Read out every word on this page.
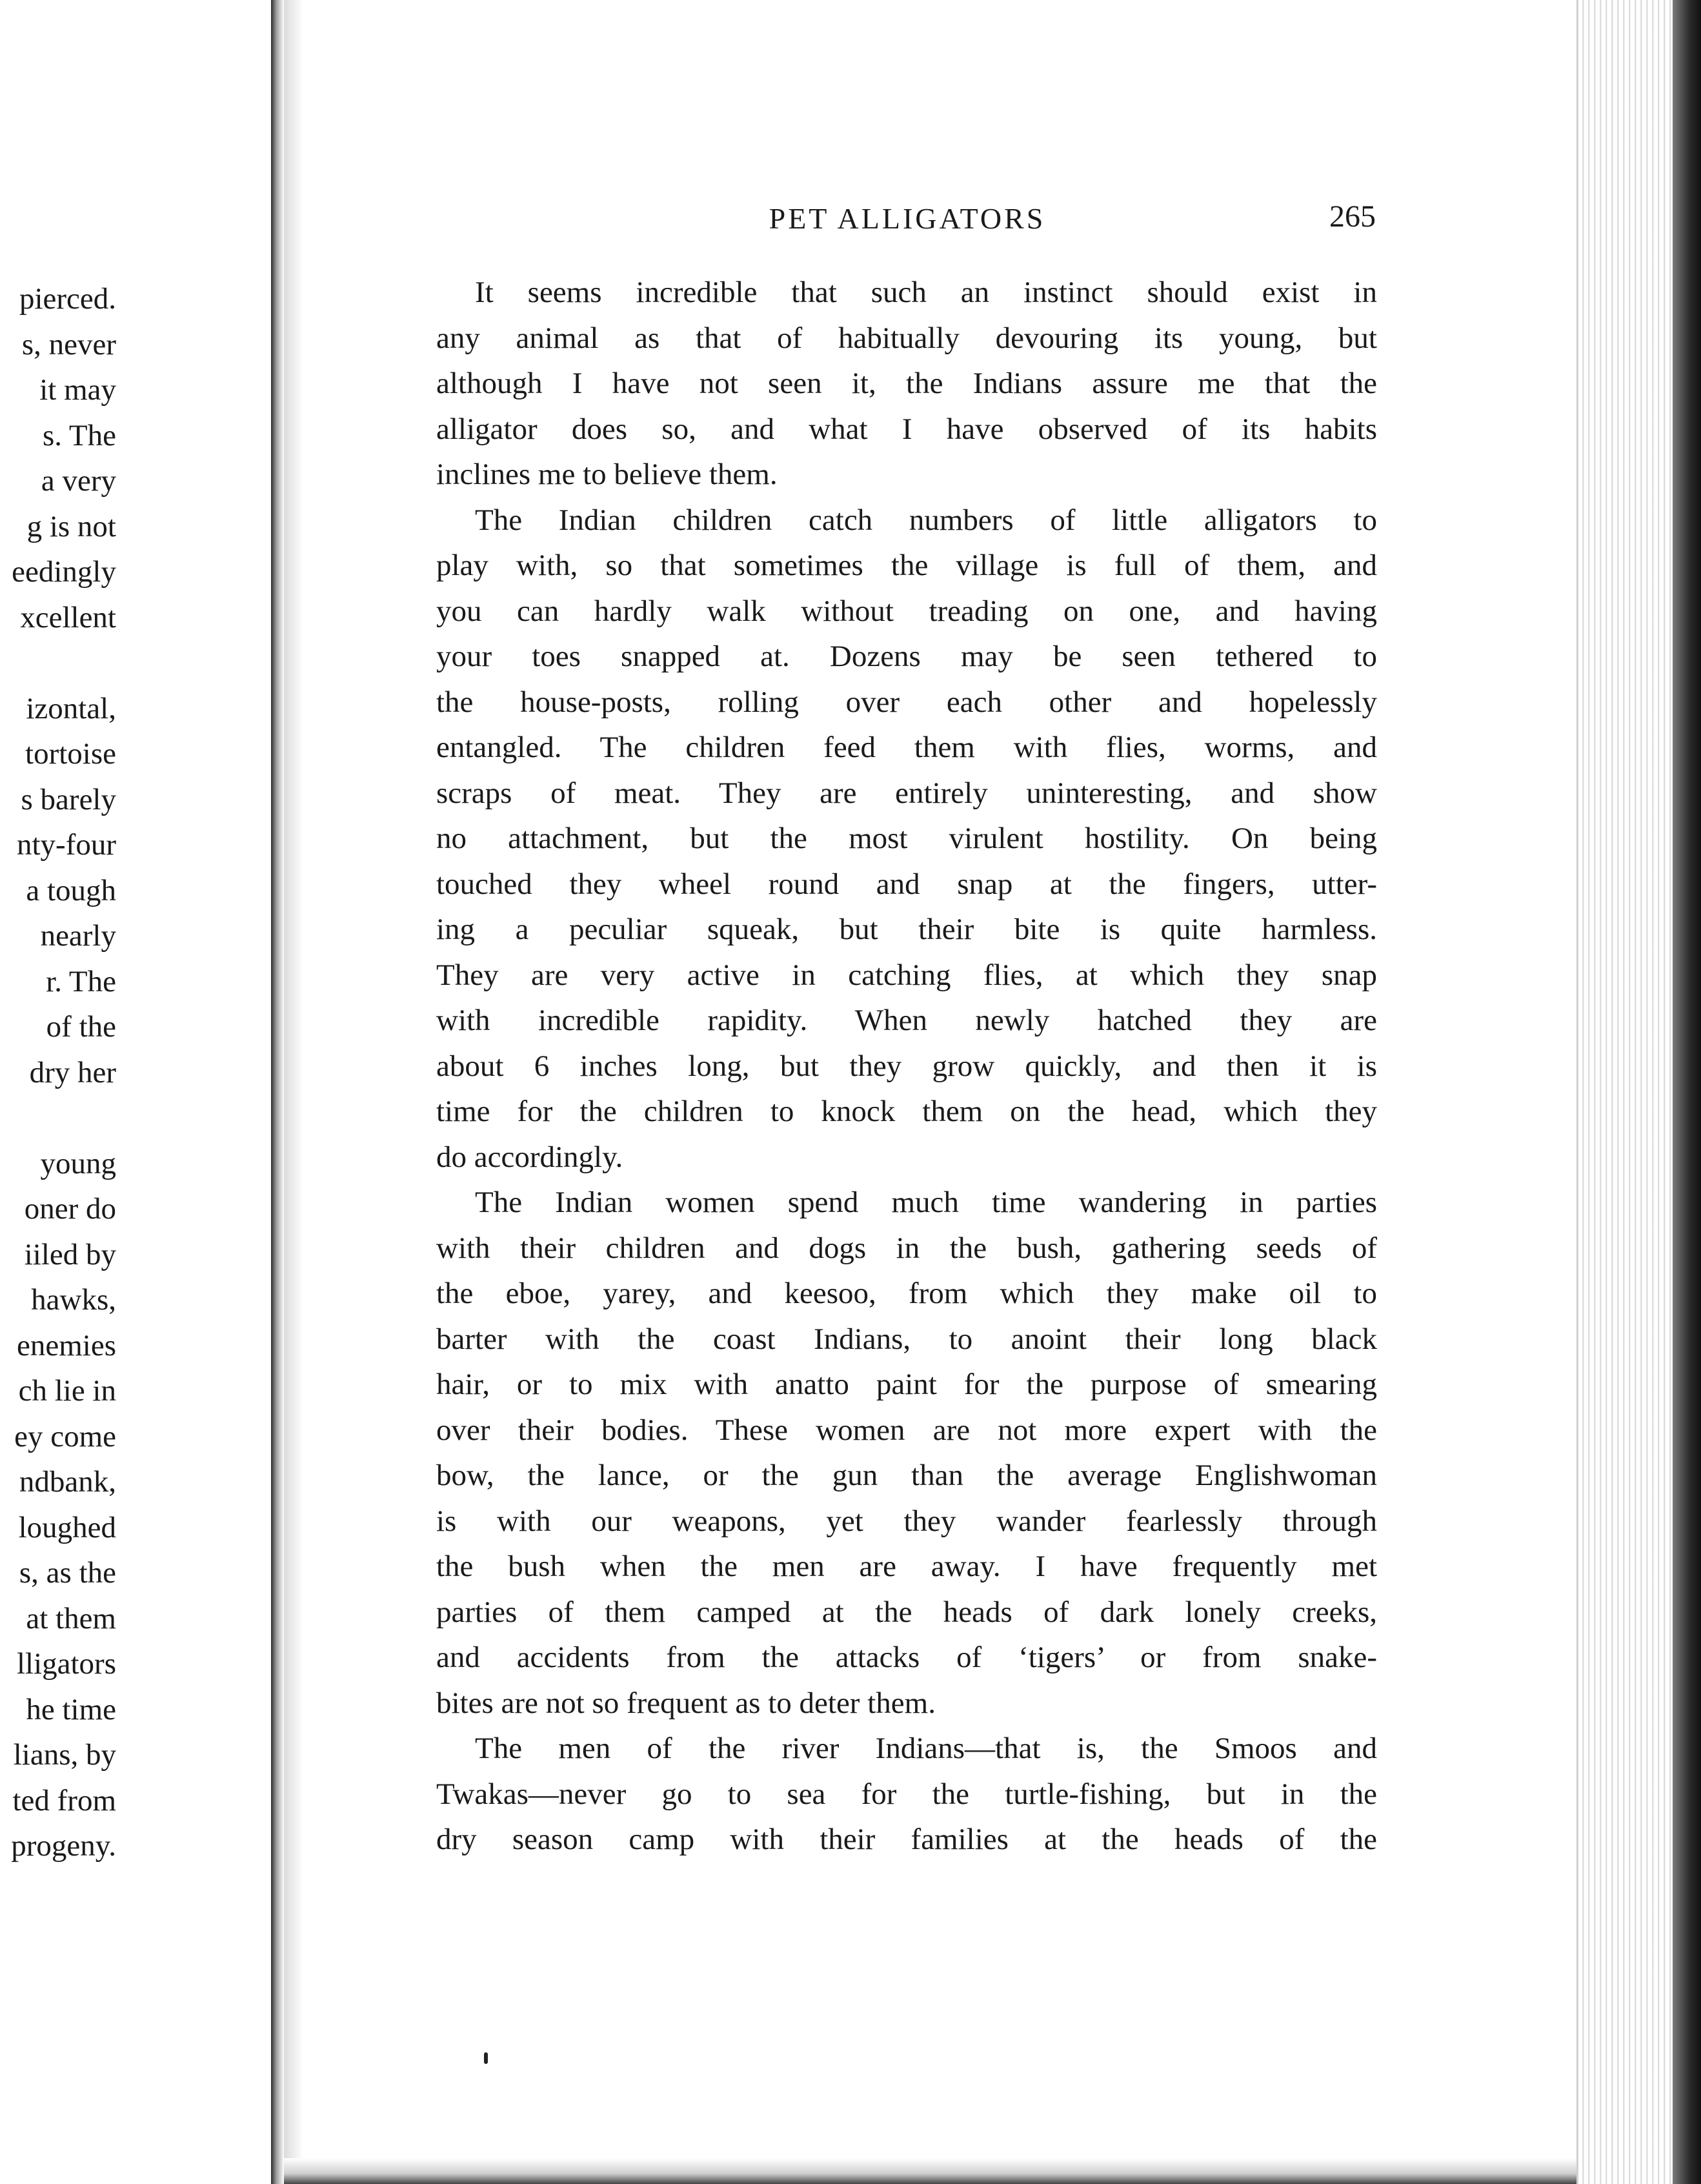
pierced.
s, never
it may
s. The
a very
g is not
eedingly
xcellent
izontal,
tortoise
s barely
nty-four
a tough
nearly
r. The
of the
dry her
young
oner do
iiled by
hawks,
enemies
ch lie in
ey come
ndbank,
loughed
s, as the
at them
lligators
he time
lians, by
ted from
progeny.
PET ALLIGATORS	265
It seems incredible that such an instinct should exist in
any animal as that of habitually devouring its young, but
although I have not seen it, the Indians assure me that the
alligator does so, and what I have observed of its habits
inclines me to believe them.
The Indian children catch numbers of little alligators to
play with, so that sometimes the village is full of them, and
you can hardly walk without treading on one, and having
your toes snapped at. Dozens may be seen tethered to
the house-posts, rolling over each other and hopelessly
entangled. The children feed them with flies, worms, and
scraps of meat. They are entirely uninteresting, and show
no attachment, but the most virulent hostility. On being
touched they wheel round and snap at the fingers, utter-
ing a peculiar squeak, but their bite is quite harmless.
They are very active in catching flies, at which they snap
with incredible rapidity. When newly hatched they are
about 6 inches long, but they grow quickly, and then it is
time for the children to knock them on the head, which they
do accordingly.
The Indian women spend much time wandering in parties
with their children and dogs in the bush, gathering seeds of
the eboe, yarey, and keesoo, from which they make oil to
barter with the coast Indians, to anoint their long black
hair, or to mix with anatto paint for the purpose of smearing
over their bodies. These women are not more expert with the
bow, the lance, or the gun than the average Englishwoman
is with our weapons, yet they wander fearlessly through
the bush when the men are away. I have frequently met
parties of them camped at the heads of dark lonely creeks,
and accidents from the attacks of ‘tigers’ or from snake-
bites are not so frequent as to deter them.
The men of the river Indians—that is, the Smoos and
Twakas—never go to sea for the turtle-fishing, but in the
dry season camp with their families at the heads of the
